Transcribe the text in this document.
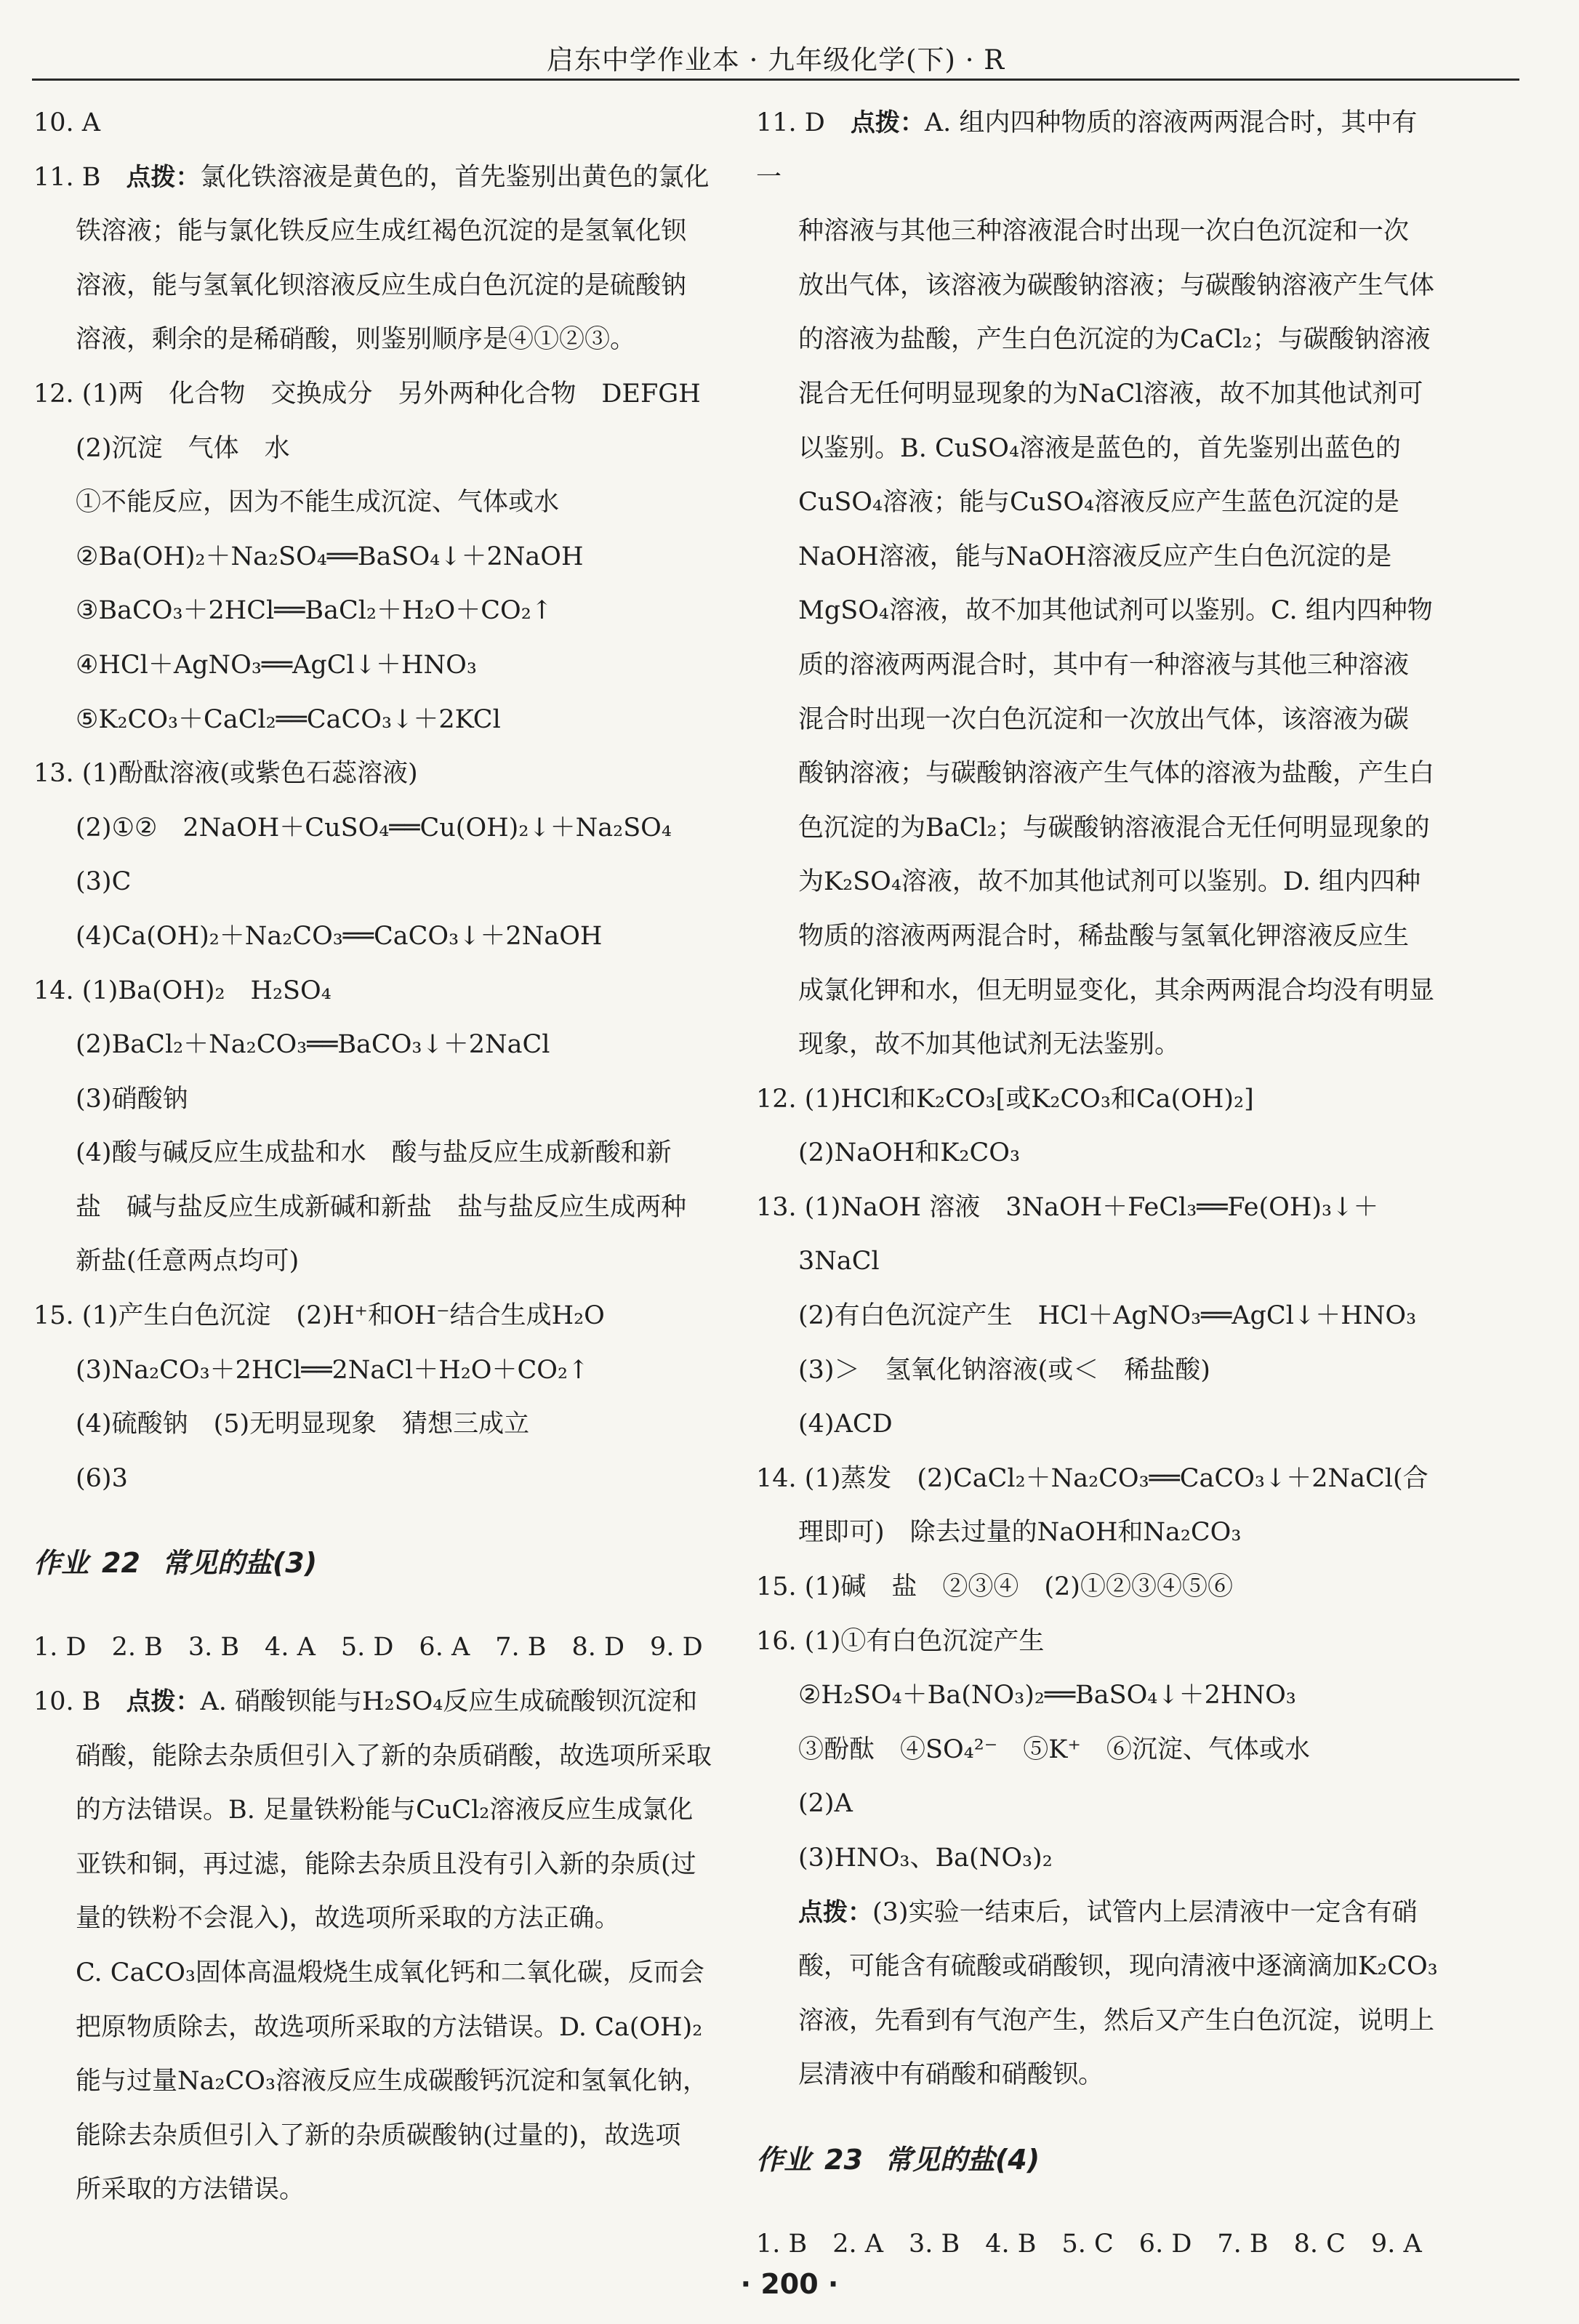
启东中学作业本 · 九年级化学(下) · R
10. A
11. B　点拨：氯化铁溶液是黄色的，首先鉴别出黄色的氯化
铁溶液；能与氯化铁反应生成红褐色沉淀的是氢氧化钡
溶液，能与氢氧化钡溶液反应生成白色沉淀的是硫酸钠
溶液，剩余的是稀硝酸，则鉴别顺序是④①②③。
12. (1)两　化合物　交换成分　另外两种化合物　DEFGH
(2)沉淀　气体　水
①不能反应，因为不能生成沉淀、气体或水
②Ba(OH)₂＋Na₂SO₄══BaSO₄↓＋2NaOH
③BaCO₃＋2HCl══BaCl₂＋H₂O＋CO₂↑
④HCl＋AgNO₃══AgCl↓＋HNO₃
⑤K₂CO₃＋CaCl₂══CaCO₃↓＋2KCl
13. (1)酚酞溶液(或紫色石蕊溶液)
(2)①②　2NaOH＋CuSO₄══Cu(OH)₂↓＋Na₂SO₄
(3)C
(4)Ca(OH)₂＋Na₂CO₃══CaCO₃↓＋2NaOH
14. (1)Ba(OH)₂　H₂SO₄
(2)BaCl₂＋Na₂CO₃══BaCO₃↓＋2NaCl
(3)硝酸钠
(4)酸与碱反应生成盐和水　酸与盐反应生成新酸和新
盐　碱与盐反应生成新碱和新盐　盐与盐反应生成两种
新盐(任意两点均可)
15. (1)产生白色沉淀　(2)H⁺和OH⁻结合生成H₂O
(3)Na₂CO₃＋2HCl══2NaCl＋H₂O＋CO₂↑
(4)硫酸钠　(5)无明显现象　猜想三成立
(6)3
作业 22 常见的盐(3)
1. D　2. B　3. B　4. A　5. D　6. A　7. B　8. D　9. D
10. B　点拨：A. 硝酸钡能与H₂SO₄反应生成硫酸钡沉淀和
硝酸，能除去杂质但引入了新的杂质硝酸，故选项所采取
的方法错误。B. 足量铁粉能与CuCl₂溶液反应生成氯化
亚铁和铜，再过滤，能除去杂质且没有引入新的杂质(过
量的铁粉不会混入)，故选项所采取的方法正确。
C. CaCO₃固体高温煅烧生成氧化钙和二氧化碳，反而会
把原物质除去，故选项所采取的方法错误。D. Ca(OH)₂
能与过量Na₂CO₃溶液反应生成碳酸钙沉淀和氢氧化钠，
能除去杂质但引入了新的杂质碳酸钠(过量的)，故选项
所采取的方法错误。
11. D　点拨：A. 组内四种物质的溶液两两混合时，其中有一
种溶液与其他三种溶液混合时出现一次白色沉淀和一次
放出气体，该溶液为碳酸钠溶液；与碳酸钠溶液产生气体
的溶液为盐酸，产生白色沉淀的为CaCl₂；与碳酸钠溶液
混合无任何明显现象的为NaCl溶液，故不加其他试剂可
以鉴别。B. CuSO₄溶液是蓝色的，首先鉴别出蓝色的
CuSO₄溶液；能与CuSO₄溶液反应产生蓝色沉淀的是
NaOH溶液，能与NaOH溶液反应产生白色沉淀的是
MgSO₄溶液，故不加其他试剂可以鉴别。C. 组内四种物
质的溶液两两混合时，其中有一种溶液与其他三种溶液
混合时出现一次白色沉淀和一次放出气体，该溶液为碳
酸钠溶液；与碳酸钠溶液产生气体的溶液为盐酸，产生白
色沉淀的为BaCl₂；与碳酸钠溶液混合无任何明显现象的
为K₂SO₄溶液，故不加其他试剂可以鉴别。D. 组内四种
物质的溶液两两混合时，稀盐酸与氢氧化钾溶液反应生
成氯化钾和水，但无明显变化，其余两两混合均没有明显
现象，故不加其他试剂无法鉴别。
12. (1)HCl和K₂CO₃[或K₂CO₃和Ca(OH)₂]
(2)NaOH和K₂CO₃
13. (1)NaOH 溶液　3NaOH＋FeCl₃══Fe(OH)₃↓＋
3NaCl
(2)有白色沉淀产生　HCl＋AgNO₃══AgCl↓＋HNO₃
(3)＞　氢氧化钠溶液(或＜　稀盐酸)
(4)ACD
14. (1)蒸发　(2)CaCl₂＋Na₂CO₃══CaCO₃↓＋2NaCl(合
理即可)　除去过量的NaOH和Na₂CO₃
15. (1)碱　盐　②③④　(2)①②③④⑤⑥
16. (1)①有白色沉淀产生
②H₂SO₄＋Ba(NO₃)₂══BaSO₄↓＋2HNO₃
③酚酞　④SO₄²⁻　⑤K⁺　⑥沉淀、气体或水
(2)A
(3)HNO₃、Ba(NO₃)₂
点拨：(3)实验一结束后，试管内上层清液中一定含有硝
酸，可能含有硫酸或硝酸钡，现向清液中逐滴滴加K₂CO₃
溶液，先看到有气泡产生，然后又产生白色沉淀，说明上
层清液中有硝酸和硝酸钡。
作业 23 常见的盐(4)
1. B　2. A　3. B　4. B　5. C　6. D　7. B　8. C　9. A
· 200 ·
